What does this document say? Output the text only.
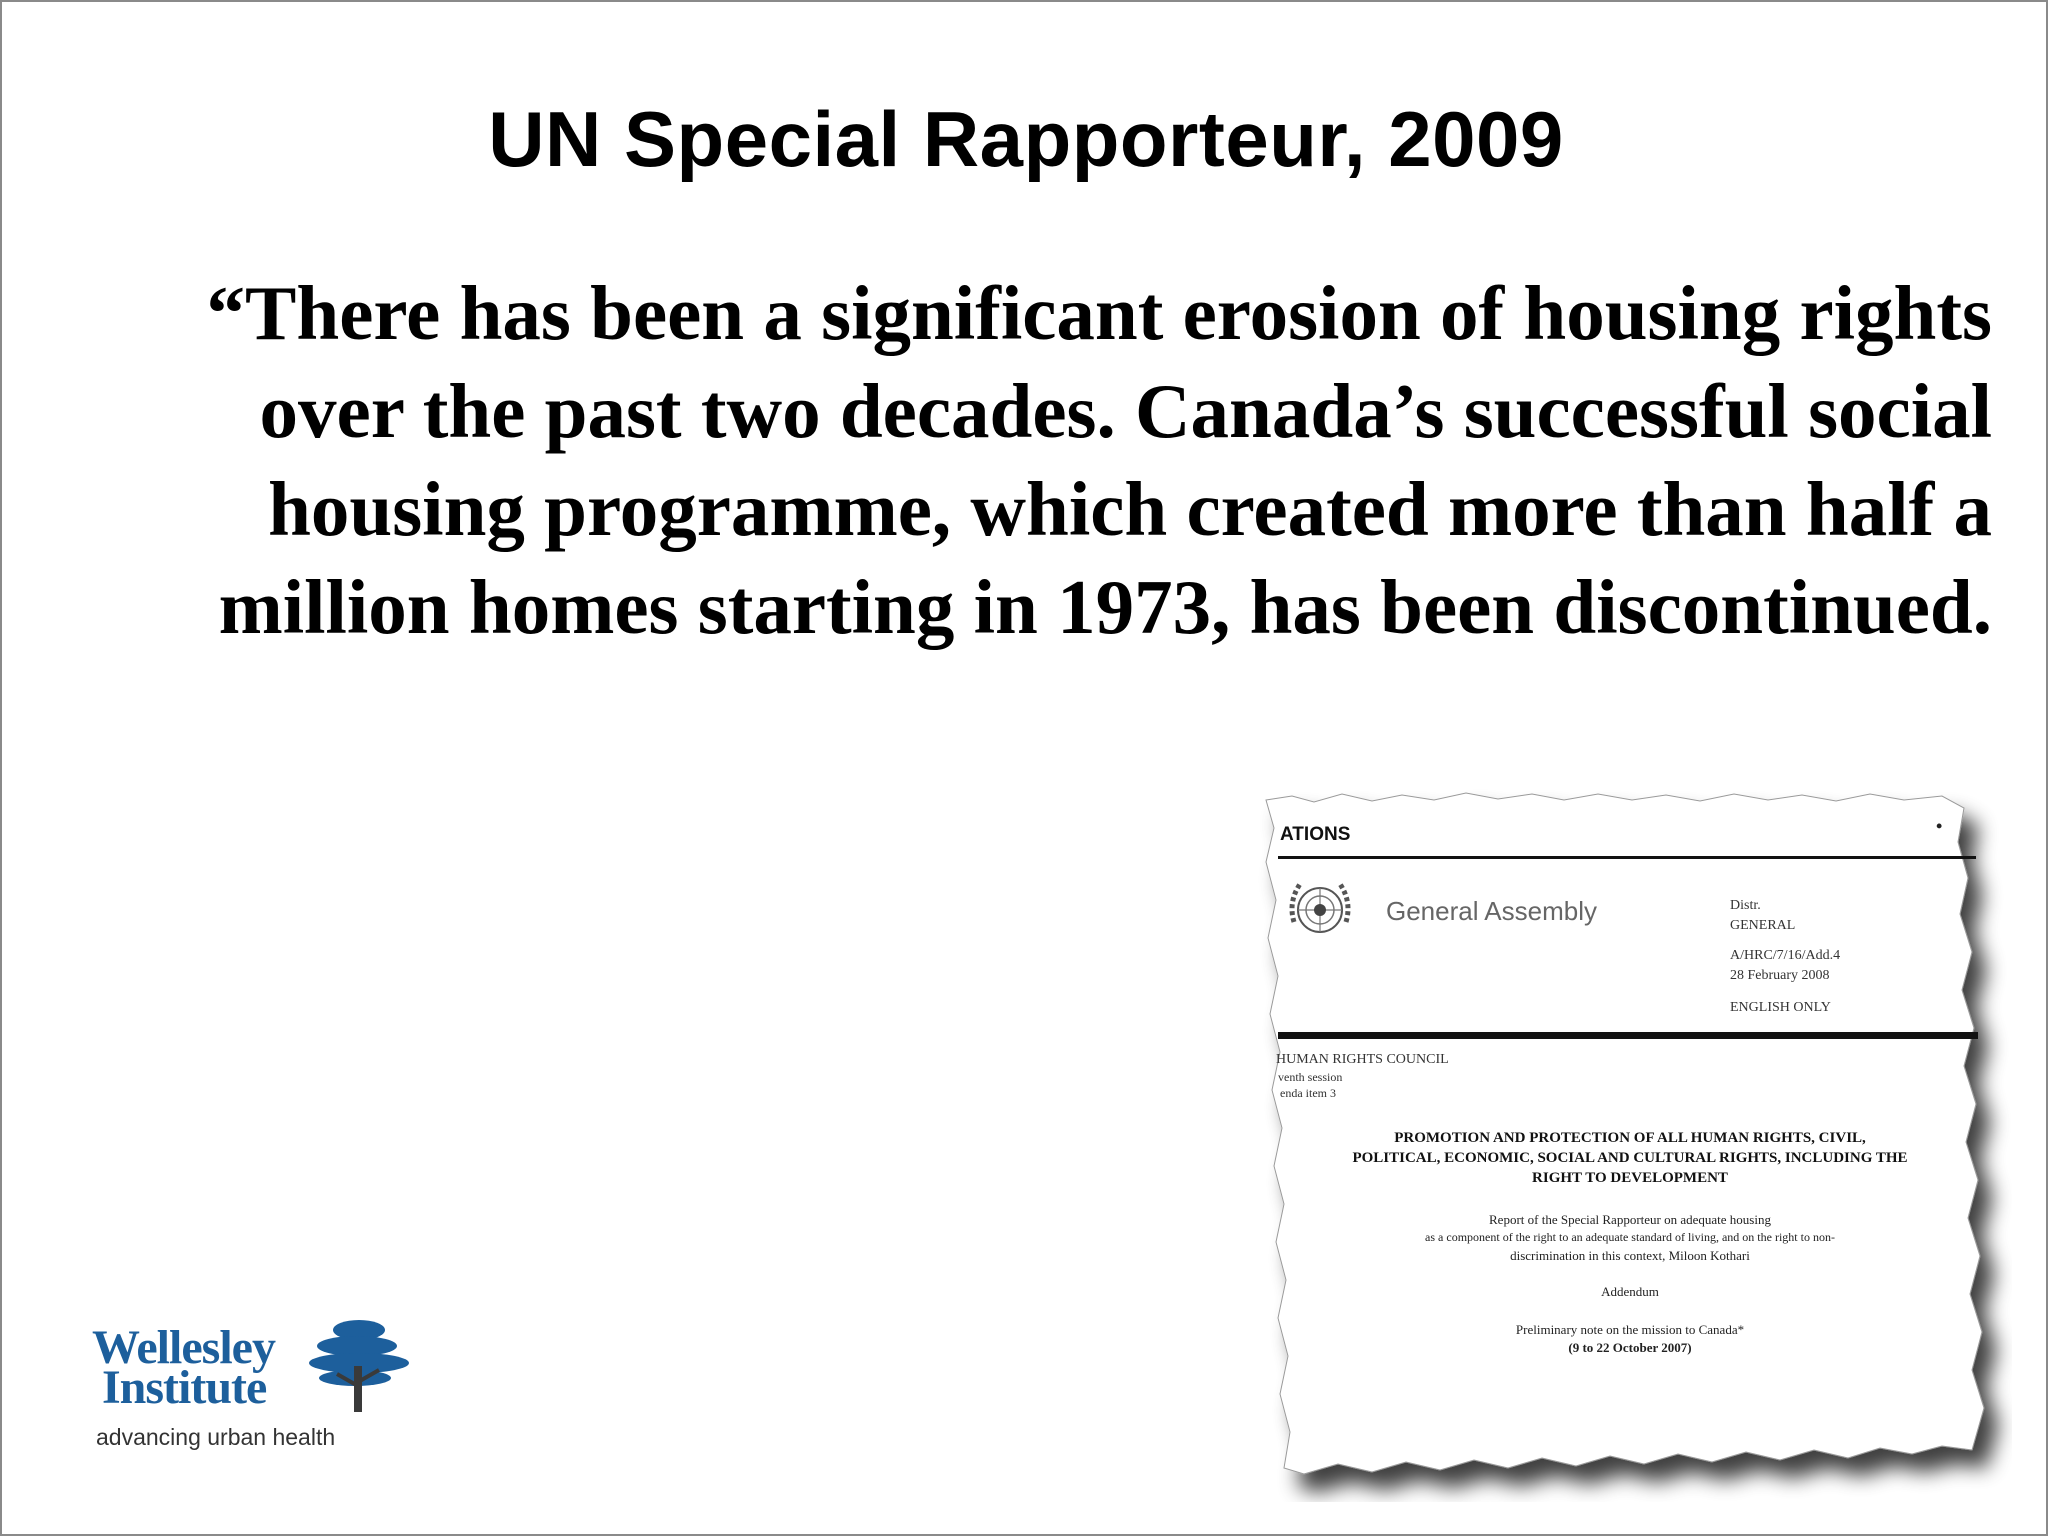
UN Special Rapporteur, 2009
“There has been a significant erosion of housing rights
over the past two decades. Canada’s successful social
housing programme, which created more than half a
million homes starting in 1973, has been discontinued.
Wellesley
Institute
advancing urban health
ATIONS	•
General Assembly	Distr.
GENERAL
A/HRC/7/16/Add.4
28 February 2008
ENGLISH ONLY
HUMAN RIGHTS COUNCIL
venth session
enda item 3
PROMOTION AND PROTECTION OF ALL HUMAN RIGHTS, CIVIL,
POLITICAL, ECONOMIC, SOCIAL AND CULTURAL RIGHTS, INCLUDING THE
RIGHT TO DEVELOPMENT
Report of the Special Rapporteur on adequate housing
as a component of the right to an adequate standard of living, and on the right to non-
discrimination in this context, Miloon Kothari
Addendum
Preliminary note on the mission to Canada*
(9 to 22 October 2007)
